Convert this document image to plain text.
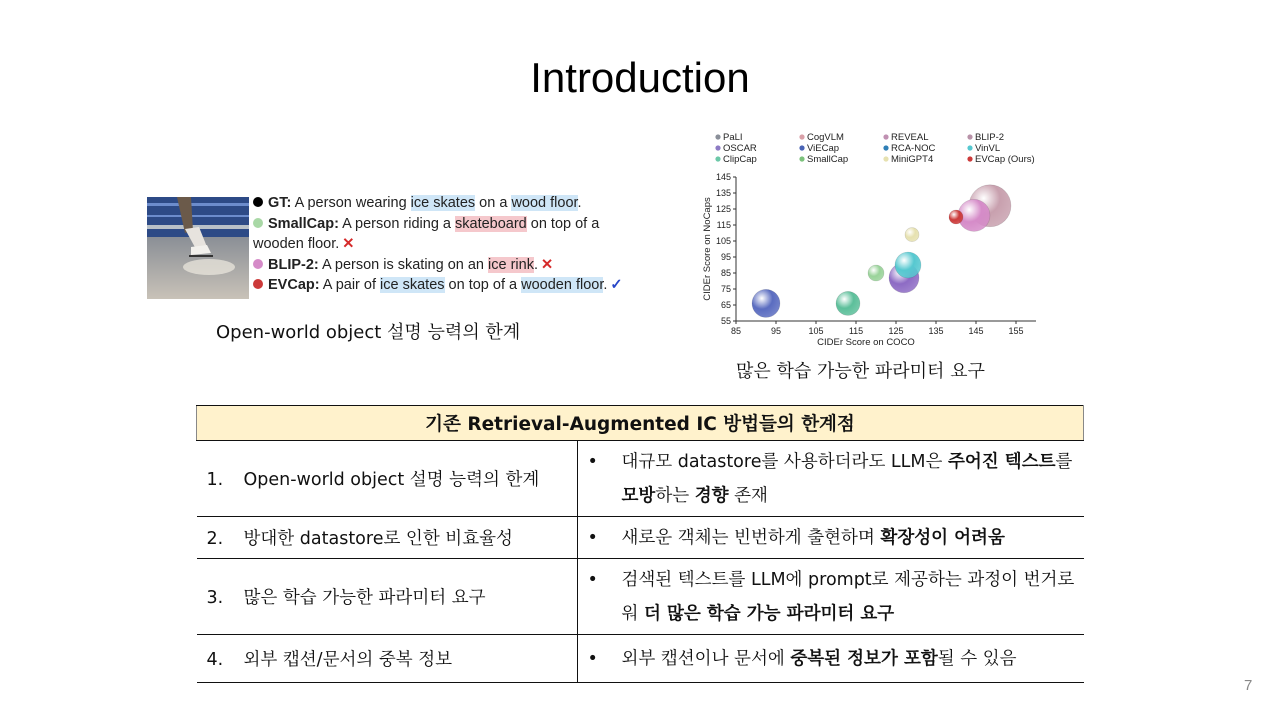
Introduction
GT: A person wearing ice skates on a wood floor.
SmallCap: A person riding a skateboard on top of a
wooden floor. ✕
BLIP-2: A person is skating on an ice rink. ✕
EVCap: A pair of ice skates on top of a wooden floor. ✓
Open-world object 설명 능력의 한계
PaLI	CogVLM	REVEAL	BLIP-2
OSCAR	ViECap	RCA-NOC	VinVL
ClipCap	SmallCap	MiniGPT4	EVCap (Ours)
85	95	105	115	125	135	145	155
55
65
75
85
95
105
115
125
135
145
CIDEr Score on COCO
CIDEr Score on NoCaps
많은 학습 가능한 파라미터 요구
기존 Retrieval-Augmented IC 방법들의 한계점	
1. Open-world object 설명 능력의 한계	• 대규모 datastore를 사용하더라도 LLM은 주어진 텍스트를 모방하는 경향 존재

2. 방대한 datastore로 인한 비효율성	• 새로운 객체는 빈번하게 출현하며 확장성이 어려움

3. 많은 학습 가능한 파라미터 요구	• 검색된 텍스트를 LLM에 prompt로 제공하는 과정이 번거로워 더 많은 학습 가능 파라미터 요구

4. 외부 캡션/문서의 중복 정보	• 외부 캡션이나 문서에 중복된 정보가 포함될 수 있음
7
